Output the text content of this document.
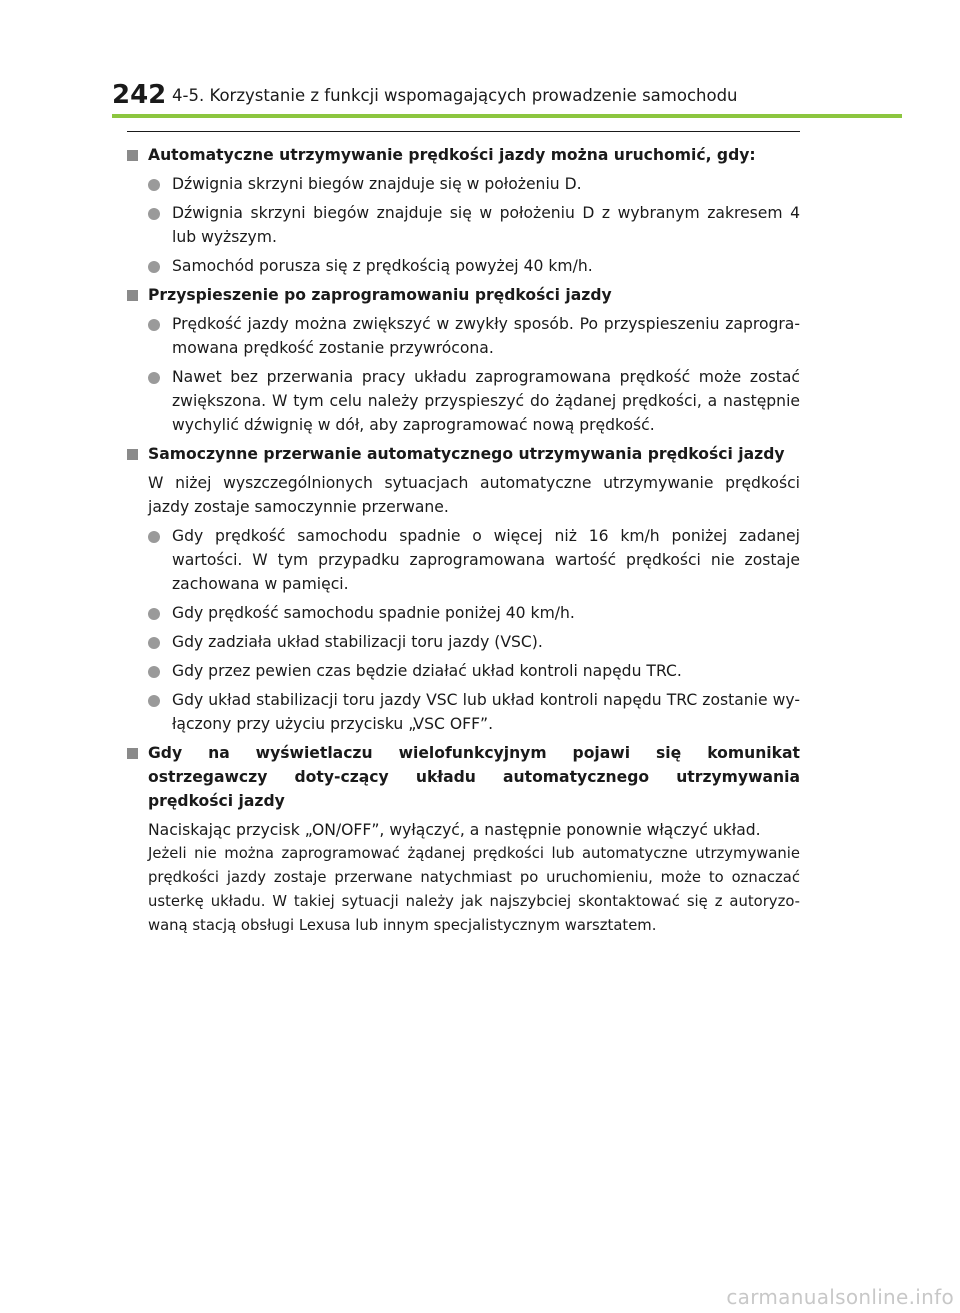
242 4-5. Korzystanie z funkcji wspomagających prowadzenie samochodu
Automatyczne utrzymywanie prędkości jazdy można uruchomić, gdy:
Dźwignia skrzyni biegów znajduje się w położeniu D.
Dźwignia skrzyni biegów znajduje się w położeniu D z wybranym zakresem 4 lub wyższym.
Samochód porusza się z prędkością powyżej 40 km/h.
Przyspieszenie po zaprogramowaniu prędkości jazdy
Prędkość jazdy można zwiększyć w zwykły sposób. Po przyspieszeniu zaprogra-mowana prędkość zostanie przywrócona.
Nawet bez przerwania pracy układu zaprogramowana prędkość może zostać zwiększona. W tym celu należy przyspieszyć do żądanej prędkości, a następnie wychylić dźwignię w dół, aby zaprogramować nową prędkość.
Samoczynne przerwanie automatycznego utrzymywania prędkości jazdy
W niżej wyszczególnionych sytuacjach automatyczne utrzymywanie prędkości jazdy zostaje samoczynnie przerwane.
Gdy prędkość samochodu spadnie o więcej niż 16 km/h poniżej zadanej wartości. W tym przypadku zaprogramowana wartość prędkości nie zostaje zachowana w pamięci.
Gdy prędkość samochodu spadnie poniżej 40 km/h.
Gdy zadziała układ stabilizacji toru jazdy (VSC).
Gdy przez pewien czas będzie działać układ kontroli napędu TRC.
Gdy układ stabilizacji toru jazdy VSC lub układ kontroli napędu TRC zostanie wy-łączony przy użyciu przycisku „VSC OFF”.
Gdy na wyświetlaczu wielofunkcyjnym pojawi się komunikat ostrzegawczy doty-czący układu automatycznego utrzymywania prędkości jazdy
Naciskając przycisk „ON/OFF”, wyłączyć, a następnie ponownie włączyć układ.
Jeżeli nie można zaprogramować żądanej prędkości lub automatyczne utrzymywanie prędkości jazdy zostaje przerwane natychmiast po uruchomieniu, może to oznaczać usterkę układu. W takiej sytuacji należy jak najszybciej skontaktować się z autoryzo-waną stacją obsługi Lexusa lub innym specjalistycznym warsztatem.
carmanualsonline.info
